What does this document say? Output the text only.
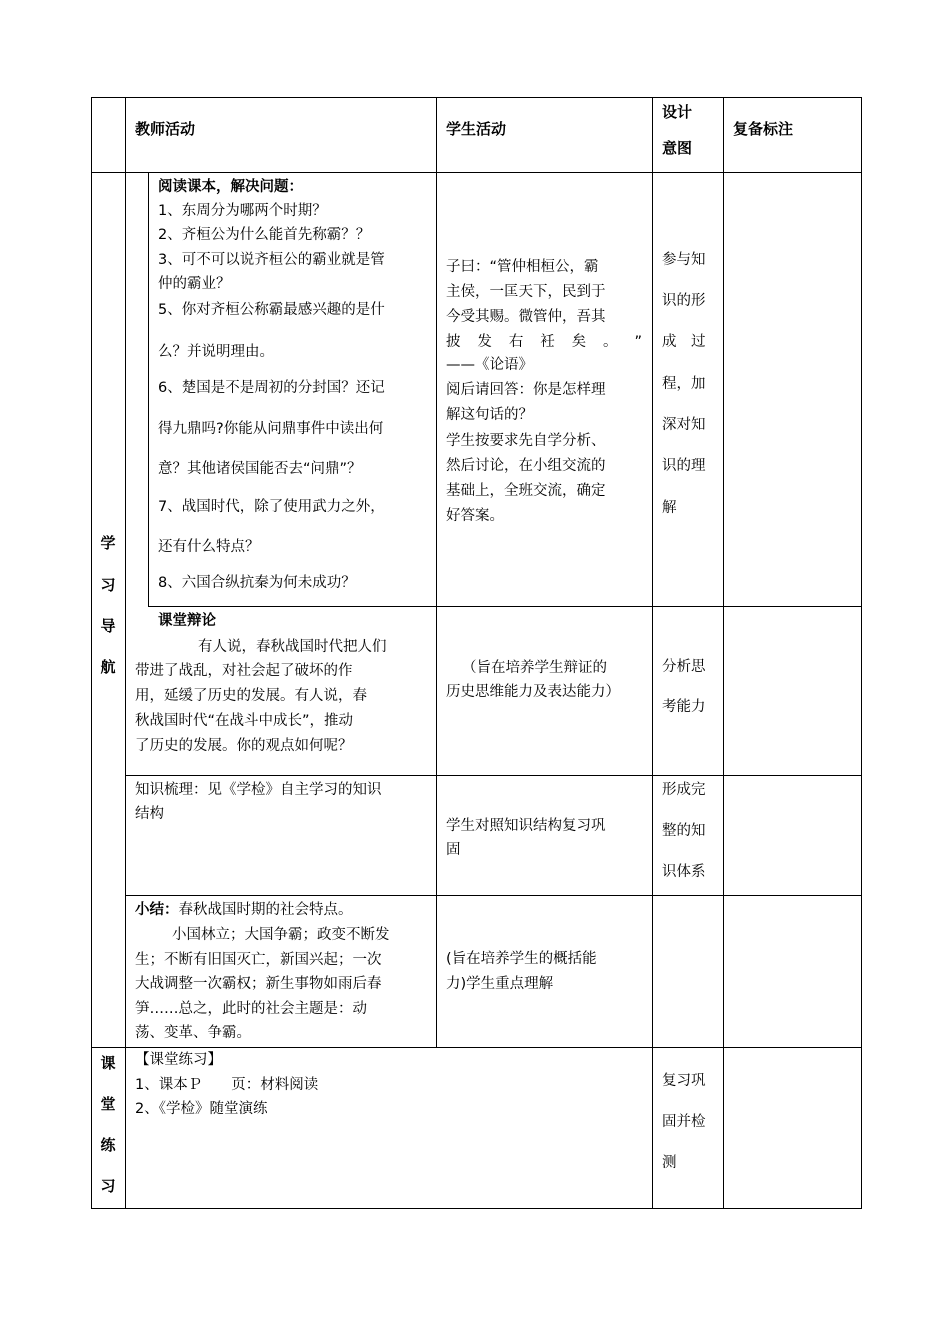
教师活动	学生活动
设计
意图
复备标注
学
习
导
航
课
堂
练
习
阅读课本，解决问题：
1、东周分为哪两个时期？
2、齐桓公为什么能首先称霸？？
3、可不可以说齐桓公的霸业就是管
仲的霸业？
5、你对齐桓公称霸最感兴趣的是什
么？并说明理由。
6、楚国是不是周初的分封国？还记
得九鼎吗?你能从问鼎事件中读出何
意？其他诸侯国能否去“问鼎”？
7、战国时代，除了使用武力之外，
还有什么特点？
8、六国合纵抗秦为何未成功？
子曰：“管仲相桓公，霸
主侯，一匡天下，民到于
今受其赐。微管仲，吾其
披 发 右 衽 矣 。 ”
——《论语》
阅后请回答：你是怎样理
解这句话的？
学生按要求先自学分析、
然后讨论，在小组交流的
基础上，全班交流，确定
好答案。
参与知
识的形
成　过
程，加
深对知
识的理
解
课堂辩论
有人说，春秋战国时代把人们
带进了战乱，对社会起了破坏的作
用，延缓了历史的发展。有人说，春
秋战国时代“在战斗中成长”，推动
了历史的发展。你的观点如何呢？
（旨在培养学生辩证的
历史思维能力及表达能力）
分析思
考能力
知识梳理：见《学检》自主学习的知识
结构
学生对照知识结构复习巩
固
形成完
整的知
识体系
小结：春秋战国时期的社会特点。
小国林立；大国争霸；政变不断发
生；不断有旧国灭亡，新国兴起；一次
大战调整一次霸权；新生事物如雨后春
笋……总之，此时的社会主题是：动
荡、变革、争霸。
(旨在培养学生的概括能
力)学生重点理解
【课堂练习】
1、课本Ｐ　　页：材料阅读
2、《学检》随堂演练
复习巩
固并检
测
